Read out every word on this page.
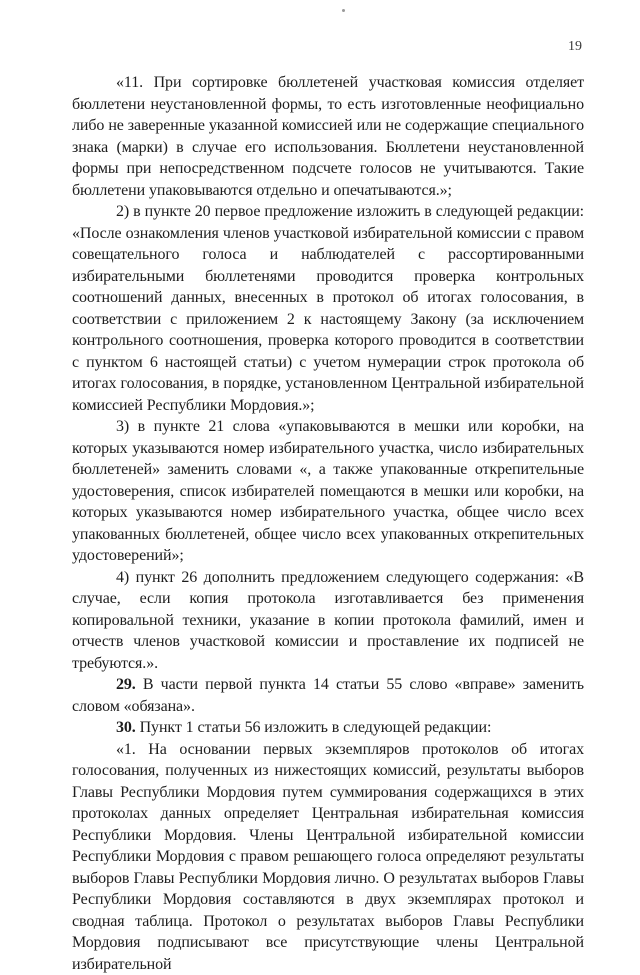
19

«11. При сортировке бюллетеней участковая комиссия отделяет бюллетени неустановленной формы, то есть изготовленные неофициально либо не заверенные указанной комиссией или не содержащие специального знака (марки) в случае его использования. Бюллетени неустановленной формы при непосредственном подсчете голосов не учитываются. Такие бюллетени упаковываются отдельно и опечатываются.»;

2) в пункте 20 первое предложение изложить в следующей редакции: «После ознакомления членов участковой избирательной комиссии с правом совещательного голоса и наблюдателей с рассортированными избирательными бюллетенями проводится проверка контрольных соотношений данных, внесенных в протокол об итогах голосования, в соответствии с приложением 2 к настоящему Закону (за исключением контрольного соотношения, проверка которого проводится в соответствии с пунктом 6 настоящей статьи) с учетом нумерации строк протокола об итогах голосования, в порядке, установленном Центральной избирательной комиссией Республики Мордовия.»;

3) в пункте 21 слова «упаковываются в мешки или коробки, на которых указываются номер избирательного участка, число избирательных бюллетеней» заменить словами «, а также упакованные открепительные удостоверения, список избирателей помещаются в мешки или коробки, на которых указываются номер избирательного участка, общее число всех упакованных бюллетеней, общее число всех упакованных открепительных удостоверений»;

4) пункт 26 дополнить предложением следующего содержания: «В случае, если копия протокола изготавливается без применения копировальной техники, указание в копии протокола фамилий, имен и отчеств членов участковой комиссии и проставление их подписей не требуются.».

29. В части первой пункта 14 статьи 55 слово «вправе» заменить словом «обязана».

30. Пункт 1 статьи 56 изложить в следующей редакции:

«1. На основании первых экземпляров протоколов об итогах голосования, полученных из нижестоящих комиссий, результаты выборов Главы Республики Мордовия путем суммирования содержащихся в этих протоколах данных определяет Центральная избирательная комиссия Республики Мордовия. Члены Центральной избирательной комиссии Республики Мордовия с правом решающего голоса определяют результаты выборов Главы Республики Мордовия лично. О результатах выборов Главы Республики Мордовия составляются в двух экземплярах протокол и сводная таблица. Протокол о результатах выборов Главы Республики Мордовия подписывают все присутствующие члены Центральной избирательной
